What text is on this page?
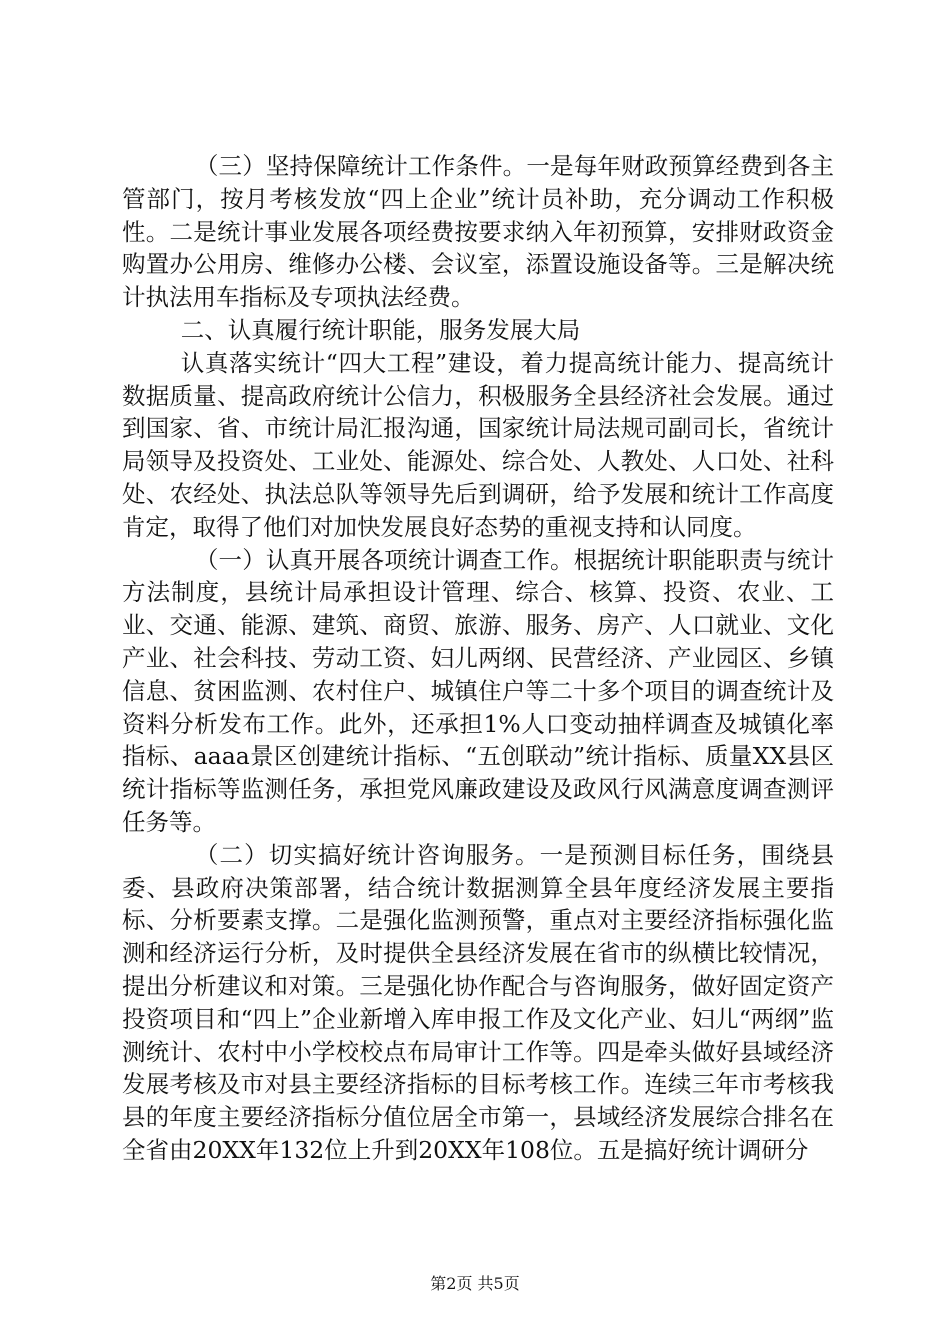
（三）坚持保障统计工作条件。一是每年财政预算经费到各主管部门，按月考核发放“四上企业”统计员补助，充分调动工作积极性。二是统计事业发展各项经费按要求纳入年初预算，安排财政资金购置办公用房、维修办公楼、会议室，添置设施设备等。三是解决统计执法用车指标及专项执法经费。

二、认真履行统计职能，服务发展大局

认真落实统计“四大工程”建设，着力提高统计能力、提高统计数据质量、提高政府统计公信力，积极服务全县经济社会发展。通过到国家、省、市统计局汇报沟通，国家统计局法规司副司长，省统计局领导及投资处、工业处、能源处、综合处、人教处、人口处、社科处、农经处、执法总队等领导先后到调研，给予发展和统计工作高度肯定，取得了他们对加快发展良好态势的重视支持和认同度。

（一）认真开展各项统计调查工作。根据统计职能职责与统计方法制度，县统计局承担设计管理、综合、核算、投资、农业、工业、交通、能源、建筑、商贸、旅游、服务、房产、人口就业、文化产业、社会科技、劳动工资、妇儿两纲、民营经济、产业园区、乡镇信息、贫困监测、农村住户、城镇住户等二十多个项目的调查统计及资料分析发布工作。此外，还承担1%人口变动抽样调查及城镇化率指标、aaaa景区创建统计指标、“五创联动”统计指标、质量XX县区统计指标等监测任务，承担党风廉政建设及政风行风满意度调查测评任务等。

（二）切实搞好统计咨询服务。一是预测目标任务，围绕县委、县政府决策部署，结合统计数据测算全县年度经济发展主要指标、分析要素支撑。二是强化监测预警，重点对主要经济指标强化监测和经济运行分析，及时提供全县经济发展在省市的纵横比较情况，提出分析建议和对策。三是强化协作配合与咨询服务，做好固定资产投资项目和“四上”企业新增入库申报工作及文化产业、妇儿“两纲”监测统计、农村中小学校校点布局审计工作等。四是牵头做好县域经济发展考核及市对县主要经济指标的目标考核工作。连续三年市考核我县的年度主要经济指标分值位居全市第一，县域经济发展综合排名在全省由20XX年132位上升到20XX年108位。五是搞好统计调研分

第2页 共5页
